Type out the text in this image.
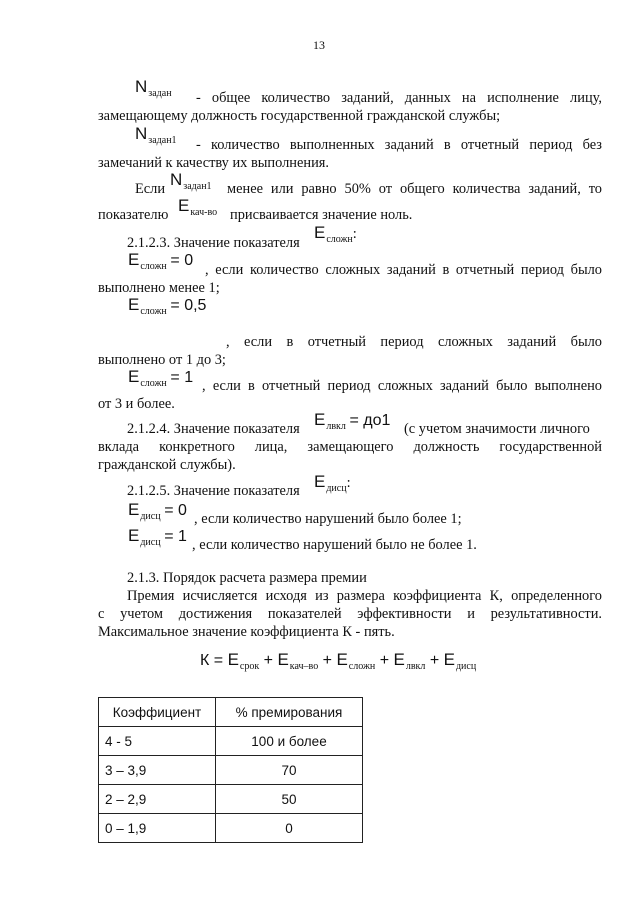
13
$N_{задан}$ - общее количество заданий, данных на исполнение лицу,
замещающему должность государственной гражданской службы;
$N_{задан1}$ - количество выполненных заданий в отчетный период без
замечаний к качеству их выполнения.
Если $N_{задан1}$ менее или равно 50% от общего количества заданий, то
показателю $E_{кач-во}$ присваивается значение ноль.
2.1.2.3. Значение показателя
$E_{сложн}$:
$E_{сложн} = 0$
, если количество сложных заданий в отчетный период было
выполнено менее 1;
$E_{сложн} = 0,5$
, если в отчетный период сложных заданий было
выполнено от 1 до 3;
$E_{сложн} = 1$ , если в отчетный период сложных заданий было выполнено
от 3 и более.
2.1.2.4. Значение показателя $E_{лвкл} = до1$ (с учетом значимости личного
вклада конкретного лица, замещающего должность государственной
гражданской службы).
2.1.2.5. Значение показателя $E_{дисц}$:
$E_{дисц} = 0$ , если количество нарушений было более 1;
$E_{дисц} = 1$ , если количество нарушений было не более 1.
2.1.3. Порядок расчета размера премии
Премия исчисляется исходя из размера коэффициента К, определенного
с учетом достижения показателей эффективности и результативности.
Максимальное значение коэффициента К - пять.
$К = E_{срок} + E_{кач-во} + E_{сложн} + E_{лвкл} + E_{дисц}$
Коэффициент	% премирования
4 - 5	100 и более
3 – 3,9	70
2 – 2,9	50
0 – 1,9	0
